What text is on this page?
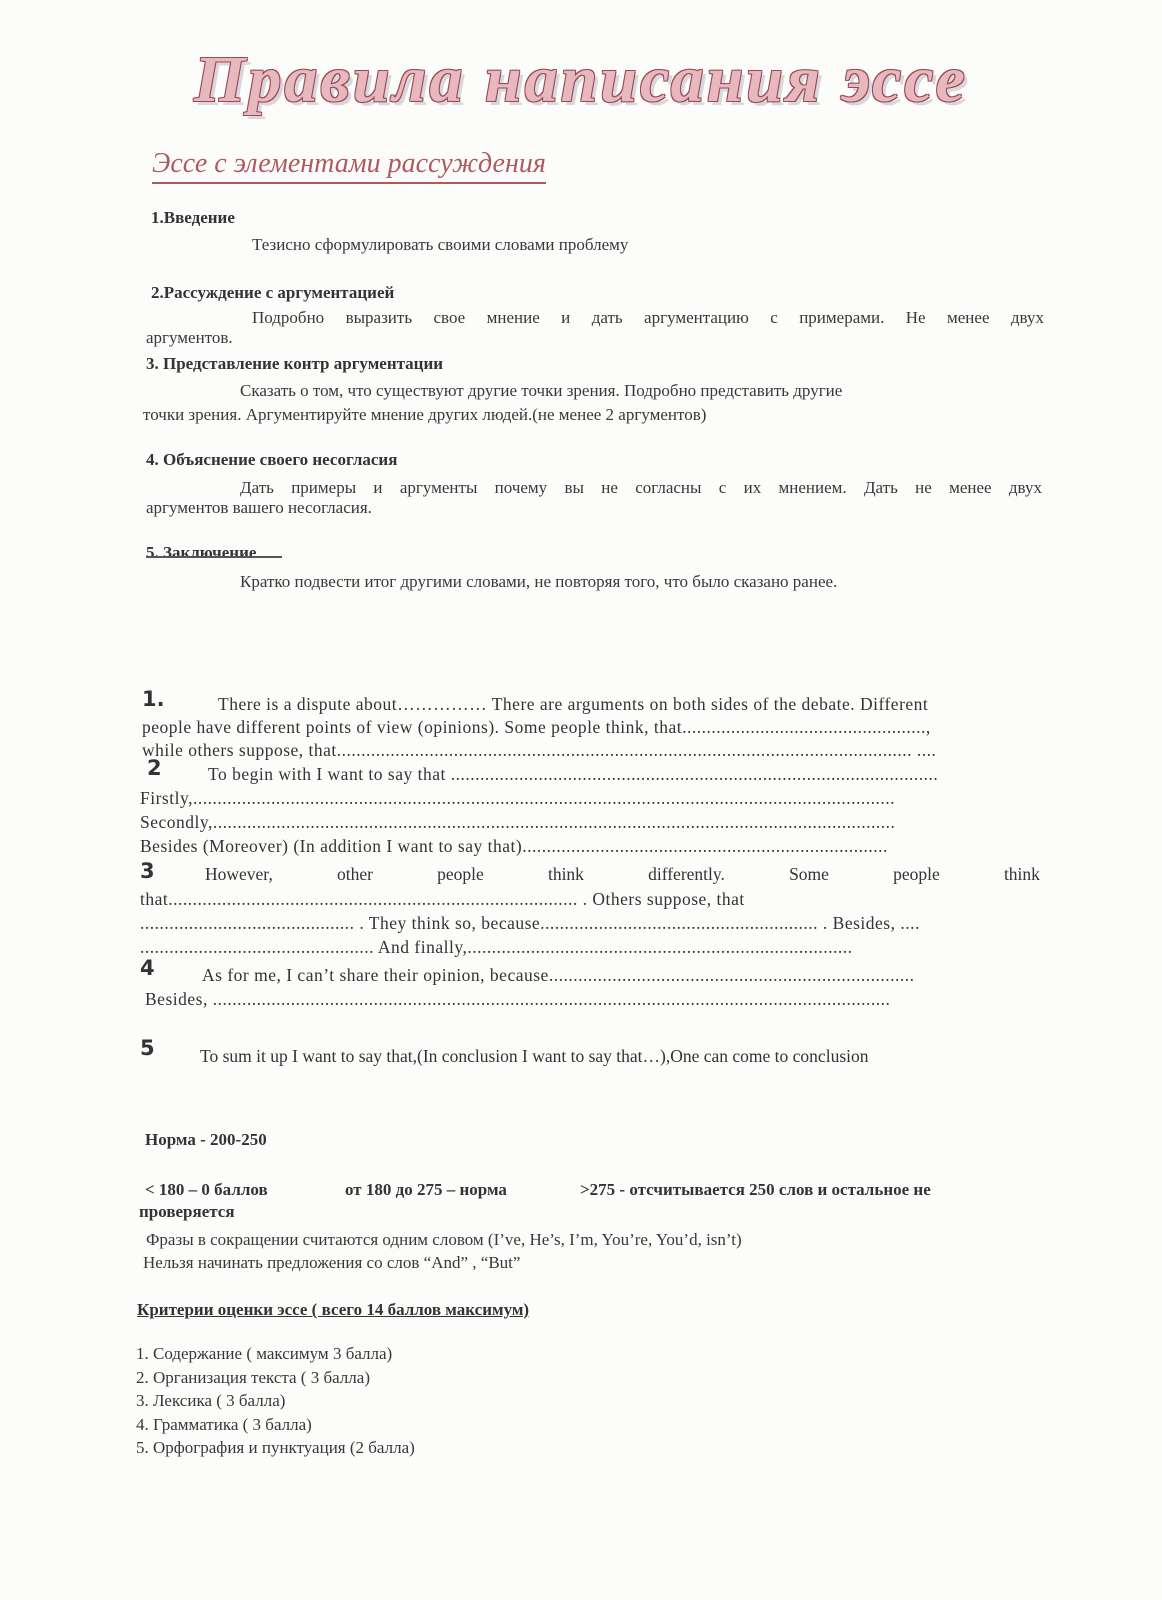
Правила написания эссе
Эссе с элементами рассуждения
1.Введение
Тезисно сформулировать своими словами проблему
2.Рассуждение с аргументацией
Подробно выразить свое мнение и дать аргументацию с примерами. Не менее двух
аргументов.
3. Представление контр аргументации
Сказать о том, что существуют другие точки зрения. Подробно представить другие
точки зрения. Аргументируйте мнение других людей.(не менее 2 аргументов)
4. Объяснение своего несогласия
Дать примеры и аргументы почему вы не согласны с их мнением. Дать не менее двух
аргументов вашего несогласия.
5. Заключение
Кратко подвести итог другими словами, не повторяя того, что было сказано ранее.
1.	There is a dispute about…………… There are arguments on both sides of the debate. Different
people have different points of view (opinions). Some people think, that..................................................,
while others suppose, that...................................................................................................................... ....
2	To begin with I want to say that ....................................................................................................
Firstly,................................................................................................................................................
Secondly,............................................................................................................................................
Besides (Moreover) (In addition I want to say that)...........................................................................
3	However,	other	people	think	differently.	Some	people	think
that.................................................................................... . Others suppose, that
............................................ . They think so, because......................................................... . Besides, ....
................................................ And finally,...............................................................................
4	As for me, I can’t share their opinion, because...........................................................................
Besides, ...........................................................................................................................................
5	To sum it up I want to say that,(In conclusion I want to say that…),One can come to conclusion
Норма - 200-250
< 180 – 0 баллов	от 180 до 275 – норма	>275 - отсчитывается 250 слов и остальное не
проверяется
Фразы в сокращении считаются одним словом (I’ve, He’s, I’m, You’re, You’d, isn’t)
Нельзя начинать предложения со слов “And” , “But”
Критерии оценки эссе ( всего 14 баллов максимум)
1. Содержание ( максимум 3 балла)
2. Организация текста ( 3 балла)
3. Лексика ( 3 балла)
4. Грамматика ( 3 балла)
5. Орфография и пунктуация (2 балла)
